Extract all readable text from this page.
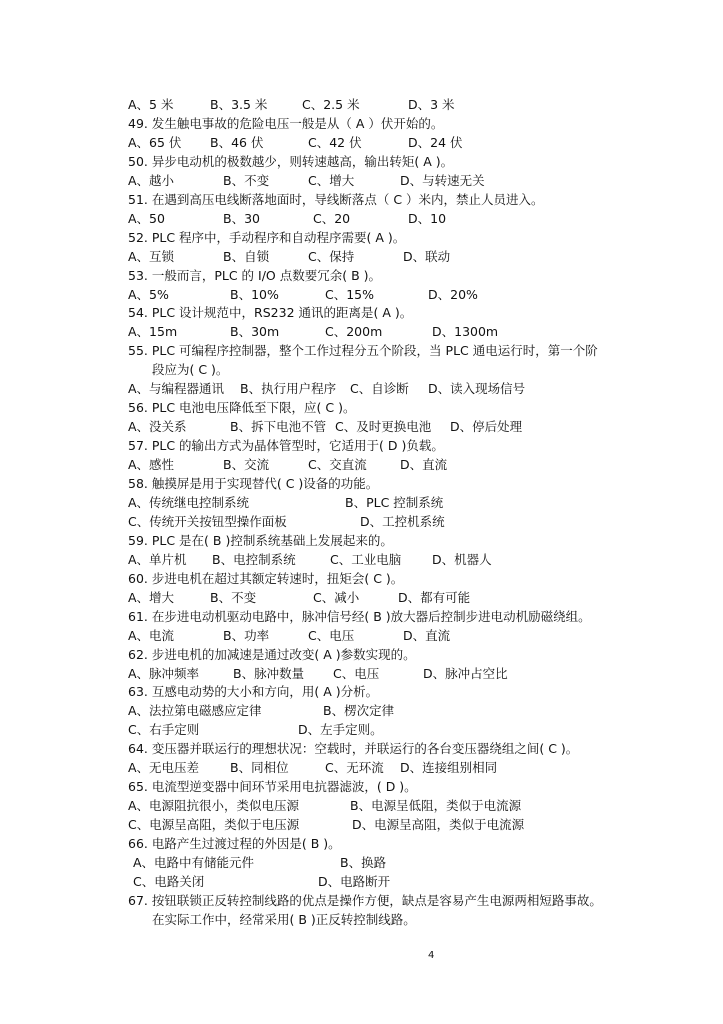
A、5 米	B、3.5 米	C、2.5 米	D、3 米
49. 发生触电事故的危险电压一般是从（ A ）伏开始的。
A、65 伏 B、46 伏	C、42 伏	D、24 伏
50. 异步电动机的极数越少，则转速越高，输出转矩( A )。
A、越小	B、不变	C、增大	D、与转速无关
51. 在遇到高压电线断落地面时，导线断落点（ C ）米内，禁止人员进入。
A、50	B、30	C、20	D、10
52. PLC 程序中，手动程序和自动程序需要( A )。
A、互锁	B、自锁	C、保持	D、联动
53. 一般而言，PLC 的 I/O 点数要冗余( B )。
A、5%	B、10%	C、15%	D、20%
54. PLC 设计规范中，RS232 通讯的距离是( A )。
A、15m	B、30m	C、200m	D、1300m
55. PLC 可编程序控制器，整个工作过程分五个阶段，当 PLC 通电运行时，第一个阶
段应为( C )。
A、与编程器通讯 B、执行用户程序 C、自诊断 D、读入现场信号
56. PLC 电池电压降低至下限，应( C )。
A、没关系	B、拆下电池不管 C、及时更换电池 D、停后处理
57. PLC 的输出方式为晶体管型时，它适用于( D )负载。
A、感性	B、交流	C、交直流	D、直流
58. 触摸屏是用于实现替代( C )设备的功能。
A、传统继电控制系统	B、PLC 控制系统
C、传统开关按钮型操作面板	D、工控机系统
59. PLC 是在( B )控制系统基础上发展起来的。
A、单片机 B、电控制系统	C、工业电脑 D、机器人
60. 步进电机在超过其额定转速时，扭矩会( C )。
A、增大	B、不变	C、减小	D、都有可能
61. 在步进电动机驱动电路中，脉冲信号经( B )放大器后控制步进电动机励磁绕组。
A、电流	B、功率	C、电压	D、直流
62. 步进电机的加减速是通过改变( A )参数实现的。
A、脉冲频率	B、脉冲数量 C、电压	D、脉冲占空比
63. 互感电动势的大小和方向，用( A )分析。
A、法拉第电磁感应定律	B、楞次定律
C、右手定则	D、左手定则。
64. 变压器并联运行的理想状况：空载时，并联运行的各台变压器绕组之间( C )。
A、无电压差 B、同相位	C、无环流 D、连接组别相同
65. 电流型逆变器中间环节采用电抗器滤波，( D )。
A、电源阻抗很小，类似电压源	B、电源呈低阻，类似于电流源
C、电源呈高阻，类似于电压源	D、电源呈高阻，类似于电流源
66. 电路产生过渡过程的外因是( B )。
A、电路中有储能元件	B、换路
C、电路关闭	D、电路断开
67. 按钮联锁正反转控制线路的优点是操作方便，缺点是容易产生电源两相短路事故。
在实际工作中，经常采用( B )正反转控制线路。
4
